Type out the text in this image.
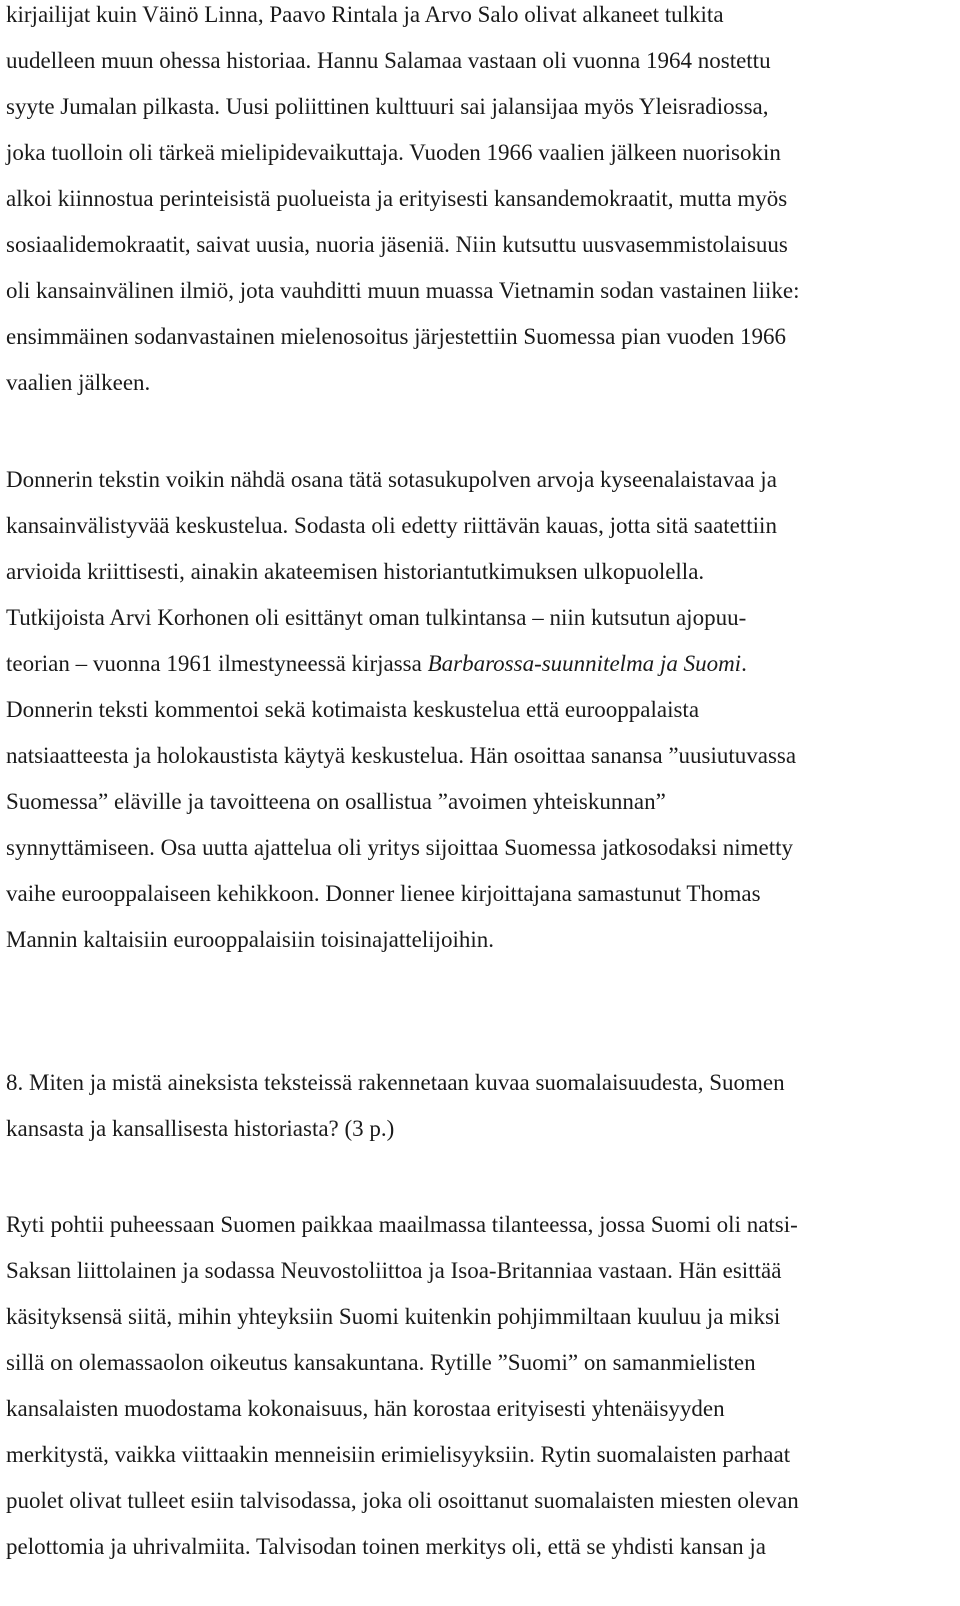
kirjailijat kuin Väinö Linna, Paavo Rintala ja Arvo Salo olivat alkaneet tulkita
uudelleen muun ohessa historiaa. Hannu Salamaa vastaan oli vuonna 1964 nostettu
syyte Jumalan pilkasta. Uusi poliittinen kulttuuri sai jalansijaa myös Yleisradiossa,
joka tuolloin oli tärkeä mielipidevaikuttaja. Vuoden 1966 vaalien jälkeen nuorisokin
alkoi kiinnostua perinteisistä puolueista ja erityisesti kansandemokraatit, mutta myös
sosiaalidemokraatit, saivat uusia, nuoria jäseniä. Niin kutsuttu uusvasemmistolaisuus
oli kansainvälinen ilmiö, jota vauhditti muun muassa Vietnamin sodan vastainen liike:
ensimmäinen sodanvastainen mielenosoitus järjestettiin Suomessa pian vuoden 1966
vaalien jälkeen.
Donnerin tekstin voikin nähdä osana tätä sotasukupolven arvoja kyseenalaistavaa ja
kansainvälistyvää keskustelua. Sodasta oli edetty riittävän kauas, jotta sitä saatettiin
arvioida kriittisesti, ainakin akateemisen historiantutkimuksen ulkopuolella.
Tutkijoista Arvi Korhonen oli esittänyt oman tulkintansa – niin kutsutun ajopuu-
teorian – vuonna 1961 ilmestyneessä kirjassa Barbarossa-suunnitelma ja Suomi.
Donnerin teksti kommentoi sekä kotimaista keskustelua että eurooppalaista
natsiaatteesta ja holokaustista käytyä keskustelua. Hän osoittaa sanansa ”uusiutuvassa
Suomessa” eläville ja tavoitteena on osallistua ”avoimen yhteiskunnan”
synnyttämiseen. Osa uutta ajattelua oli yritys sijoittaa Suomessa jatkosodaksi nimetty
vaihe eurooppalaiseen kehikkoon. Donner lienee kirjoittajana samastunut Thomas
Mannin kaltaisiin eurooppalaisiin toisinajattelijoihin.
8. Miten ja mistä aineksista teksteissä rakennetaan kuvaa suomalaisuudesta, Suomen
kansasta ja kansallisesta historiasta? (3 p.)
Ryti pohtii puheessaan Suomen paikkaa maailmassa tilanteessa, jossa Suomi oli natsi-
Saksan liittolainen ja sodassa Neuvostoliittoa ja Isoa-Britanniaa vastaan. Hän esittää
käsityksensä siitä, mihin yhteyksiin Suomi kuitenkin pohjimmiltaan kuuluu ja miksi
sillä on olemassaolon oikeutus kansakuntana. Rytille ”Suomi” on samanmielisten
kansalaisten muodostama kokonaisuus, hän korostaa erityisesti yhtenäisyyden
merkitystä, vaikka viittaakin menneisiin erimielisyyksiin. Rytin suomalaisten parhaat
puolet olivat tulleet esiin talvisodassa, joka oli osoittanut suomalaisten miesten olevan
pelottomia ja uhrivalmiita. Talvisodan toinen merkitys oli, että se yhdisti kansan ja
